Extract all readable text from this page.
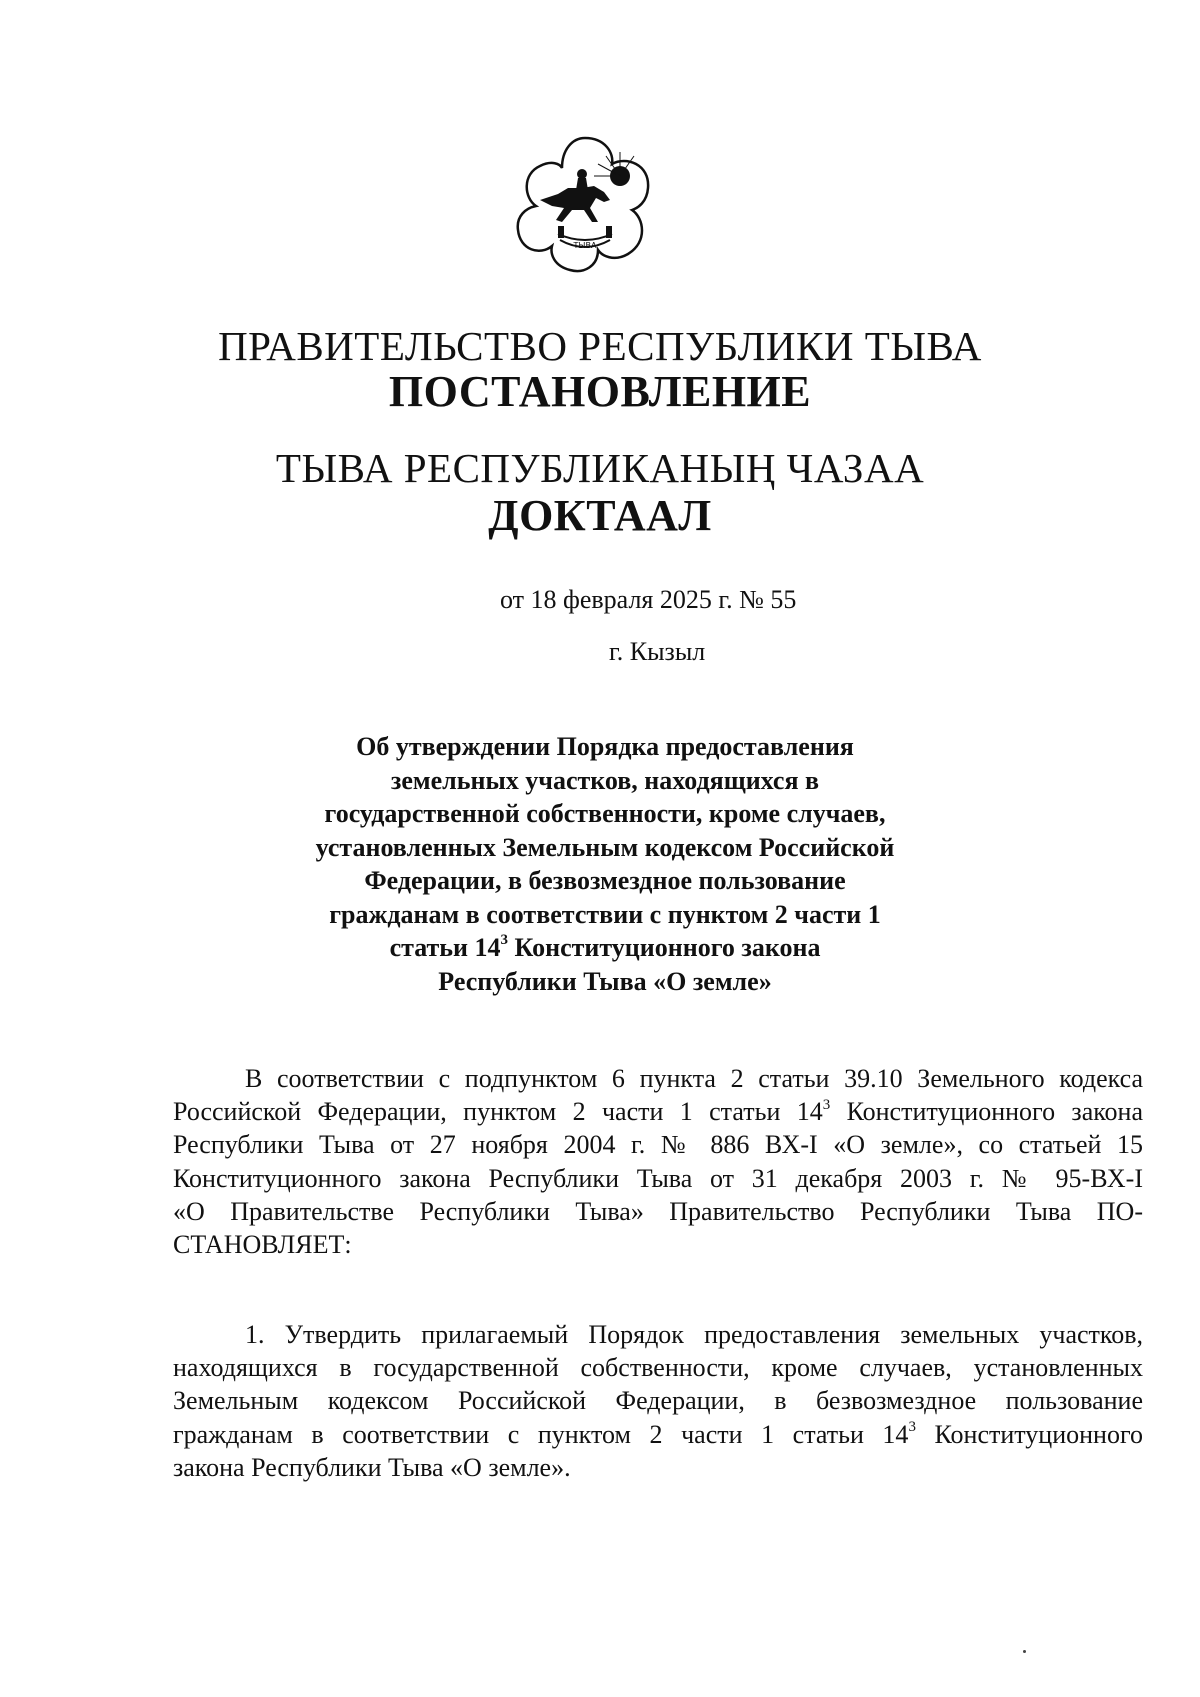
ТЫВА
ПРАВИТЕЛЬСТВО РЕСПУБЛИКИ ТЫВА
ПОСТАНОВЛЕНИЕ
ТЫВА РЕСПУБЛИКАНЫҢ ЧАЗАА
ДОКТААЛ
от 18 февраля 2025 г. № 55
г. Кызыл
Об утверждении Порядка предоставления
земельных участков, находящихся в
государственной собственности, кроме случаев,
установленных Земельным кодексом Российской
Федерации, в безвозмездное пользование
гражданам в соответствии с пунктом 2 части 1
статьи $14^3$ Конституционного закона
Республики Тыва «О земле»
В соответствии с подпунктом 6 пункта 2 статьи 39.10 Земельного кодекса
Российской Федерации, пунктом 2 части 1 статьи $14^3$ Конституционного закона
Республики Тыва от 27 ноября 2004 г. № 886 ВХ-I «О земле», со статьей 15
Конституционного закона Республики Тыва от 31 декабря 2003 г. № 95-ВХ-I
«О Правительстве Республики Тыва» Правительство Республики Тыва ПО-
СТАНОВЛЯЕТ:
1. Утвердить прилагаемый Порядок предоставления земельных участков,
находящихся в государственной собственности, кроме случаев, установленных
Земельным кодексом Российской Федерации, в безвозмездное пользование
гражданам в соответствии с пунктом 2 части 1 статьи $14^3$ Конституционного
закона Республики Тыва «О земле».
